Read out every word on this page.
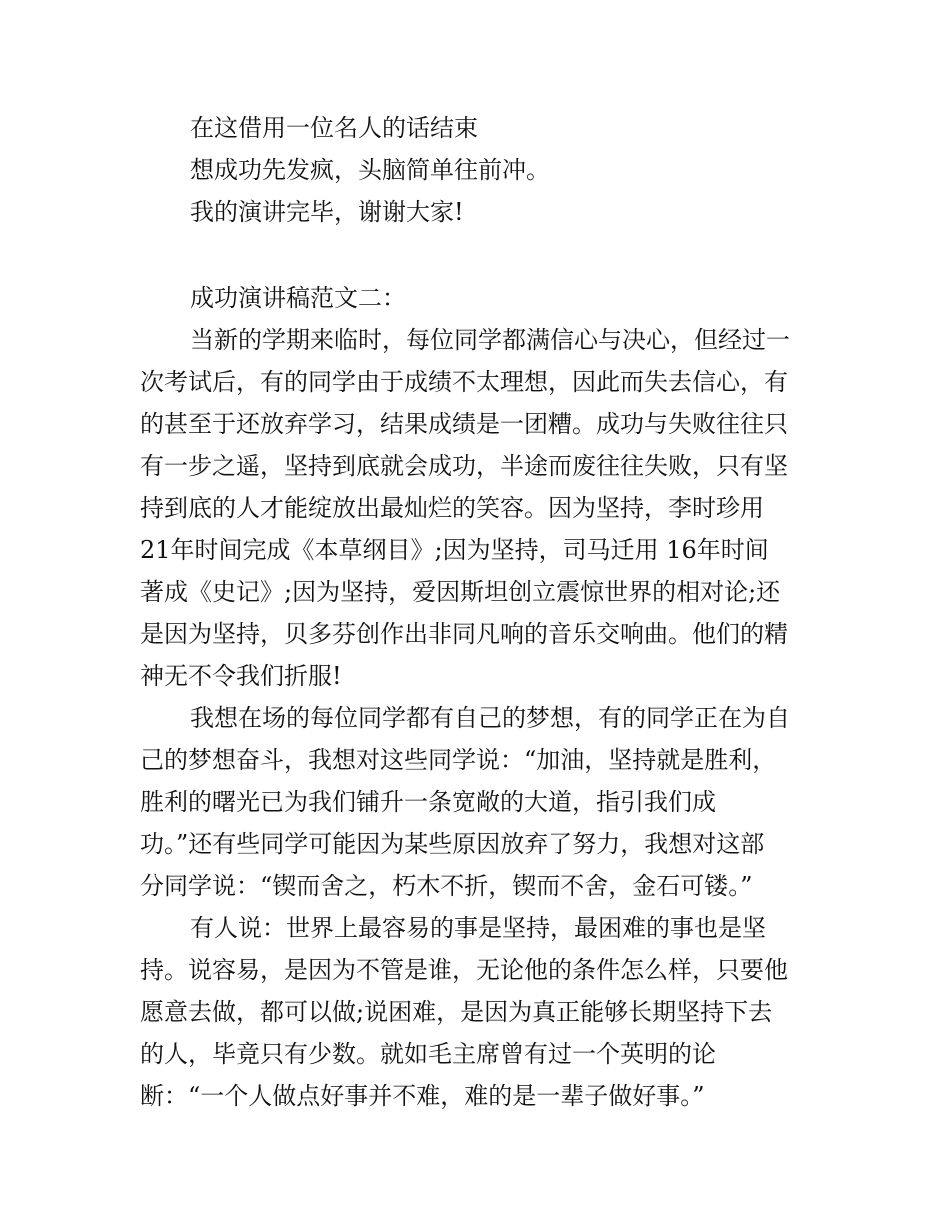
在这借用一位名人的话结束
想成功先发疯，头脑简单往前冲。
我的演讲完毕，谢谢大家!
成功演讲稿范文二：
当新的学期来临时，每位同学都满信心与决心，但经过一
次考试后，有的同学由于成绩不太理想，因此而失去信心，有
的甚至于还放弃学习，结果成绩是一团糟。成功与失败往往只
有一步之遥，坚持到底就会成功，半途而废往往失败，只有坚
持到底的人才能绽放出最灿烂的笑容。因为坚持，李时珍用
21年时间完成《本草纲目》;因为坚持，司马迁用 16年时间
著成《史记》;因为坚持，爱因斯坦创立震惊世界的相对论;还
是因为坚持，贝多芬创作出非同凡响的音乐交响曲。他们的精
神无不令我们折服!
我想在场的每位同学都有自己的梦想，有的同学正在为自
己的梦想奋斗，我想对这些同学说：“加油，坚持就是胜利，
胜利的曙光已为我们铺升一条宽敞的大道，指引我们成
功。”还有些同学可能因为某些原因放弃了努力，我想对这部
分同学说：“锲而舍之，朽木不折，锲而不舍，金石可镂。”
有人说：世界上最容易的事是坚持，最困难的事也是坚
持。说容易，是因为不管是谁，无论他的条件怎么样，只要他
愿意去做，都可以做;说困难，是因为真正能够长期坚持下去
的人，毕竟只有少数。就如毛主席曾有过一个英明的论
断：“一个人做点好事并不难，难的是一辈子做好事。”
